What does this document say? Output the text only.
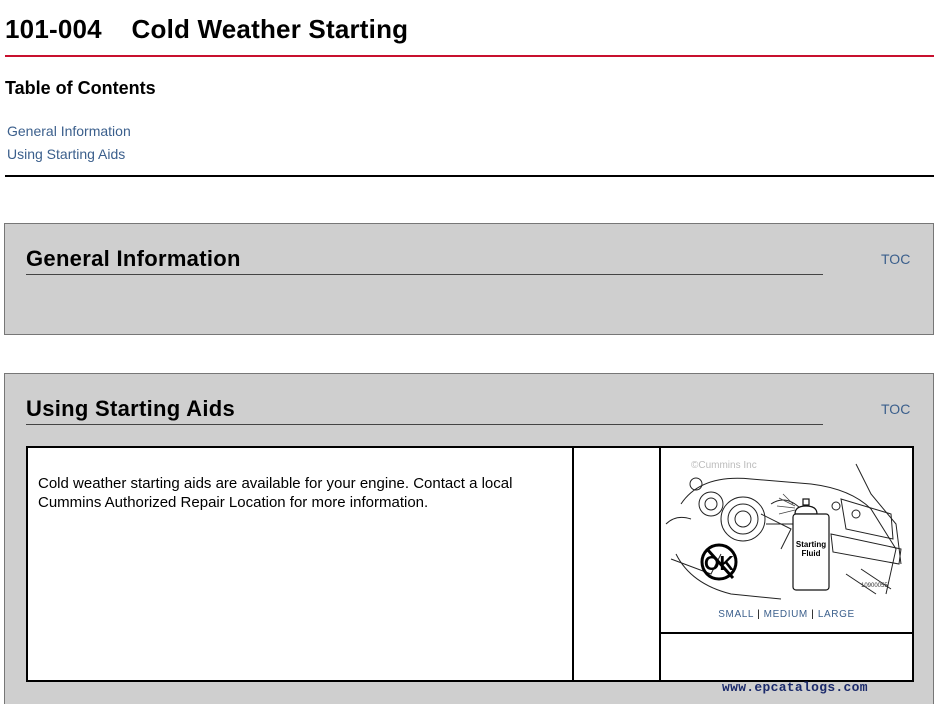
101-004    Cold Weather Starting
Table of Contents
General Information
Using Starting Aids
General Information	TOC
Using Starting Aids	TOC

Cold weather starting aids are available for your engine. Contact a local Cummins Authorized Repair Location for more information.

©Cummins Inc
Starting
Fluid
OK
10900055
SMALL | MEDIUM | LARGE

www.epcatalogs.com
